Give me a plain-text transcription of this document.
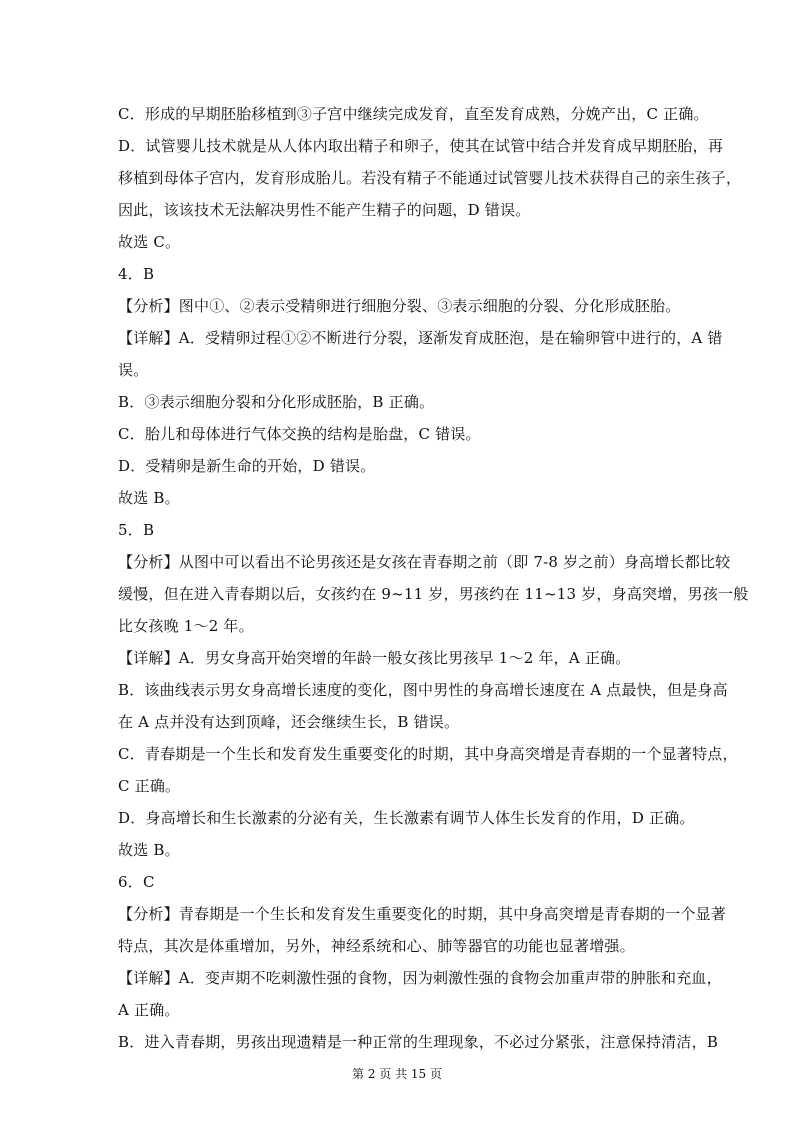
C．形成的早期胚胎移植到③子宫中继续完成发育，直至发育成熟，分娩产出，C 正确。
D．试管婴儿技术就是从人体内取出精子和卵子，使其在试管中结合并发育成早期胚胎，再
移植到母体子宫内，发育形成胎儿。若没有精子不能通过试管婴儿技术获得自己的亲生孩子，
因此，该该技术无法解决男性不能产生精子的问题，D 错误。
故选 C。
4．B
【分析】图中①、②表示受精卵进行细胞分裂、③表示细胞的分裂、分化形成胚胎。
【详解】A．受精卵过程①②不断进行分裂，逐渐发育成胚泡，是在输卵管中进行的，A 错
误。
B．③表示细胞分裂和分化形成胚胎，B 正确。
C．胎儿和母体进行气体交换的结构是胎盘，C 错误。
D．受精卵是新生命的开始，D 错误。
故选 B。
5．B
【分析】从图中可以看出不论男孩还是女孩在青春期之前（即 7-8 岁之前）身高增长都比较
缓慢，但在进入青春期以后，女孩约在 9~11 岁，男孩约在 11~13 岁，身高突增，男孩一般
比女孩晚 1～2 年。
【详解】A．男女身高开始突增的年龄一般女孩比男孩早 1～2 年，A 正确。
B．该曲线表示男女身高增长速度的变化，图中男性的身高增长速度在 A 点最快，但是身高
在 A 点并没有达到顶峰，还会继续生长，B 错误。
C．青春期是一个生长和发育发生重要变化的时期，其中身高突增是青春期的一个显著特点，
C 正确。
D．身高增长和生长激素的分泌有关，生长激素有调节人体生长发育的作用，D 正确。
故选 B。
6．C
【分析】青春期是一个生长和发育发生重要变化的时期，其中身高突增是青春期的一个显著
特点，其次是体重增加，另外，神经系统和心、肺等器官的功能也显著增强。
【详解】A．变声期不吃刺激性强的食物，因为刺激性强的食物会加重声带的肿胀和充血，
A 正确。
B．进入青春期，男孩出现遗精是一种正常的生理现象，不必过分紧张，注意保持清洁，B
第 2 页 共 15 页
